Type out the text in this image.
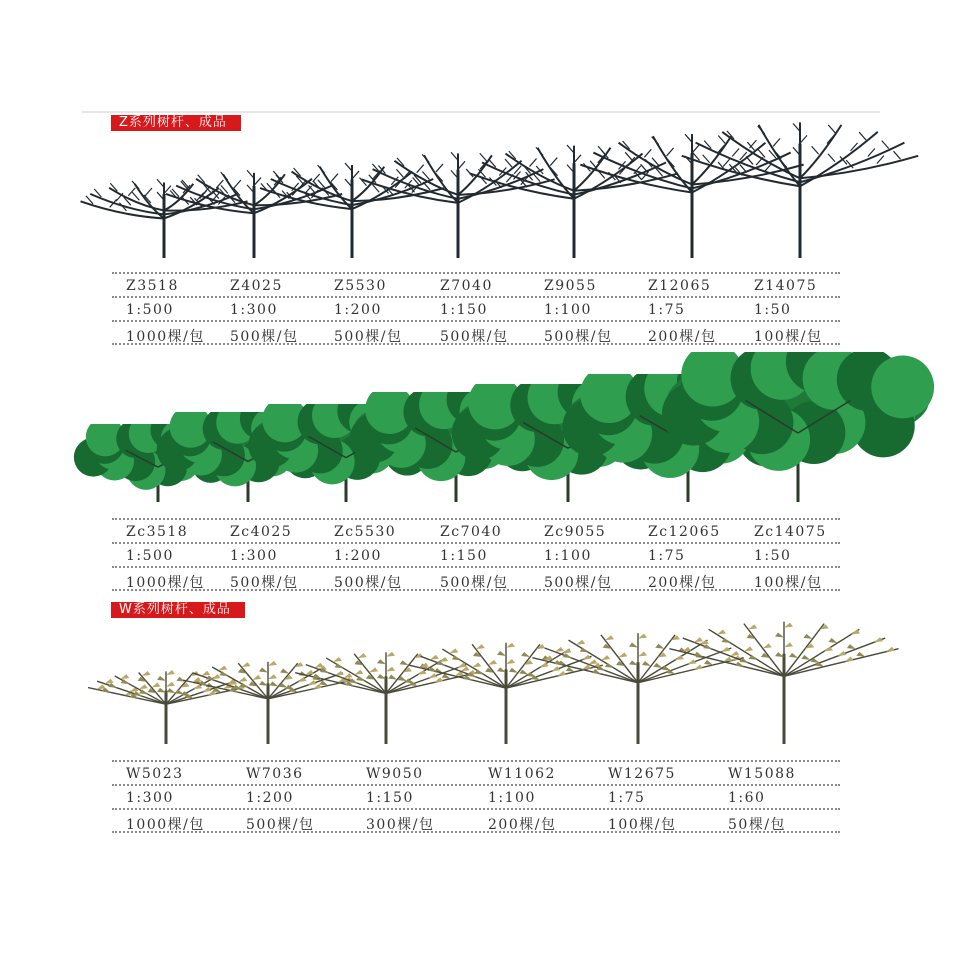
Z系列树杆、成品
W系列树杆、成品
Z3518
1:500
1000棵/包
Z4025
1:300
500棵/包
Z5530
1:200
500棵/包
Z7040
1:150
500棵/包
Z9055
1:100
500棵/包
Z12065
1:75
200棵/包
Z14075
1:50
100棵/包
Zc3518
1:500
1000棵/包
Zc4025
1:300
500棵/包
Zc5530
1:200
500棵/包
Zc7040
1:150
500棵/包
Zc9055
1:100
500棵/包
Zc12065
1:75
200棵/包
Zc14075
1:50
100棵/包
W5023
1:300
1000棵/包
W7036
1:200
500棵/包
W9050
1:150
300棵/包
W11062
1:100
200棵/包
W12675
1:75
100棵/包
W15088
1:60
50棵/包
